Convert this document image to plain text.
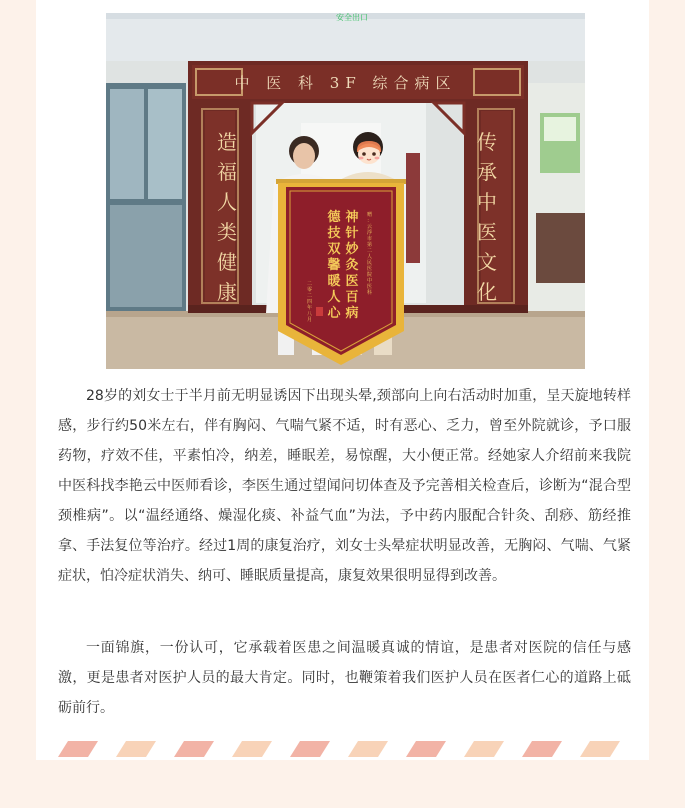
安全出口
中 医 科 3F 综合病区
造
福
人
类
健
康
传
承
中
医
文
化
神
针
妙
灸
医
百
病
德
技
双
馨
暖
人
心
赠
：
云
浮
市
第
二
人
民
医
院
中
医
科
二
零
二
四
年
八
月

28岁的刘女士于半月前无明显诱因下出现头晕,颈部向上向右活动时加重，呈天旋地转样感，步行约50米左右，伴有胸闷、气喘气紧不适，时有恶心、乏力，曾至外院就诊，予口服药物，疗效不佳，平素怕冷，纳差，睡眠差，易惊醒，大小便正常。经她家人介绍前来我院中医科找李艳云中医师看诊，李医生通过望闻问切体查及予完善相关检查后，诊断为“混合型颈椎病”。以“温经通络、燥湿化痰、补益气血”为法，予中药内服配合针灸、刮痧、筋经推拿、手法复位等治疗。经过1周的康复治疗，刘女士头晕症状明显改善，无胸闷、气喘、气紧症状，怕冷症状消失、纳可、睡眠质量提高，康复效果很明显得到改善。

一面锦旗，一份认可，它承载着医患之间温暖真诚的情谊，是患者对医院的信任与感激，更是患者对医护人员的最大肯定。同时，也鞭策着我们医护人员在医者仁心的道路上砥砺前行。
